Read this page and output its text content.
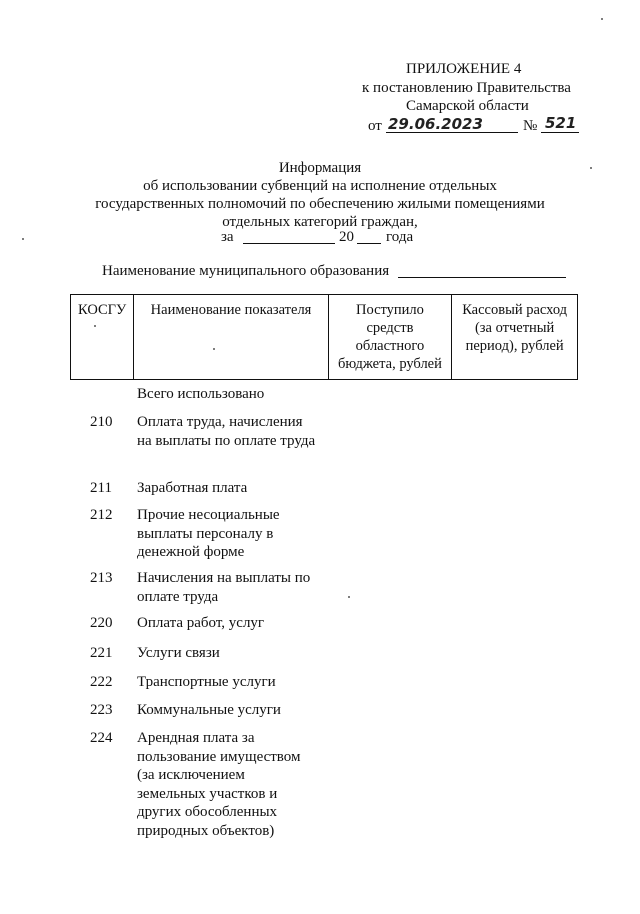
ПРИЛОЖЕНИЕ 4
к постановлению Правительства
Самарской области
от 29.06.2023	№ 521
Информация
об использовании субвенций на исполнение отдельных
государственных полномочий по обеспечению жилыми помещениями
отдельных категорий граждан,
за	20 года
Наименование муниципального образования
КОСГУ	Наименование показателя	Поступило средств областного бюджета, рублей	Кассовый расход (за отчетный период), рублей
Всего использовано
210	Оплата труда, начисления на выплаты по оплате труда
211	Заработная плата
212	Прочие несоциальные выплаты персоналу в денежной форме
213	Начисления на выплаты по оплате труда
220	Оплата работ, услуг
221	Услуги связи
222	Транспортные услуги
223	Коммунальные услуги
224	Арендная плата за пользование имуществом (за исключением земельных участков и других обособленных природных объектов)
